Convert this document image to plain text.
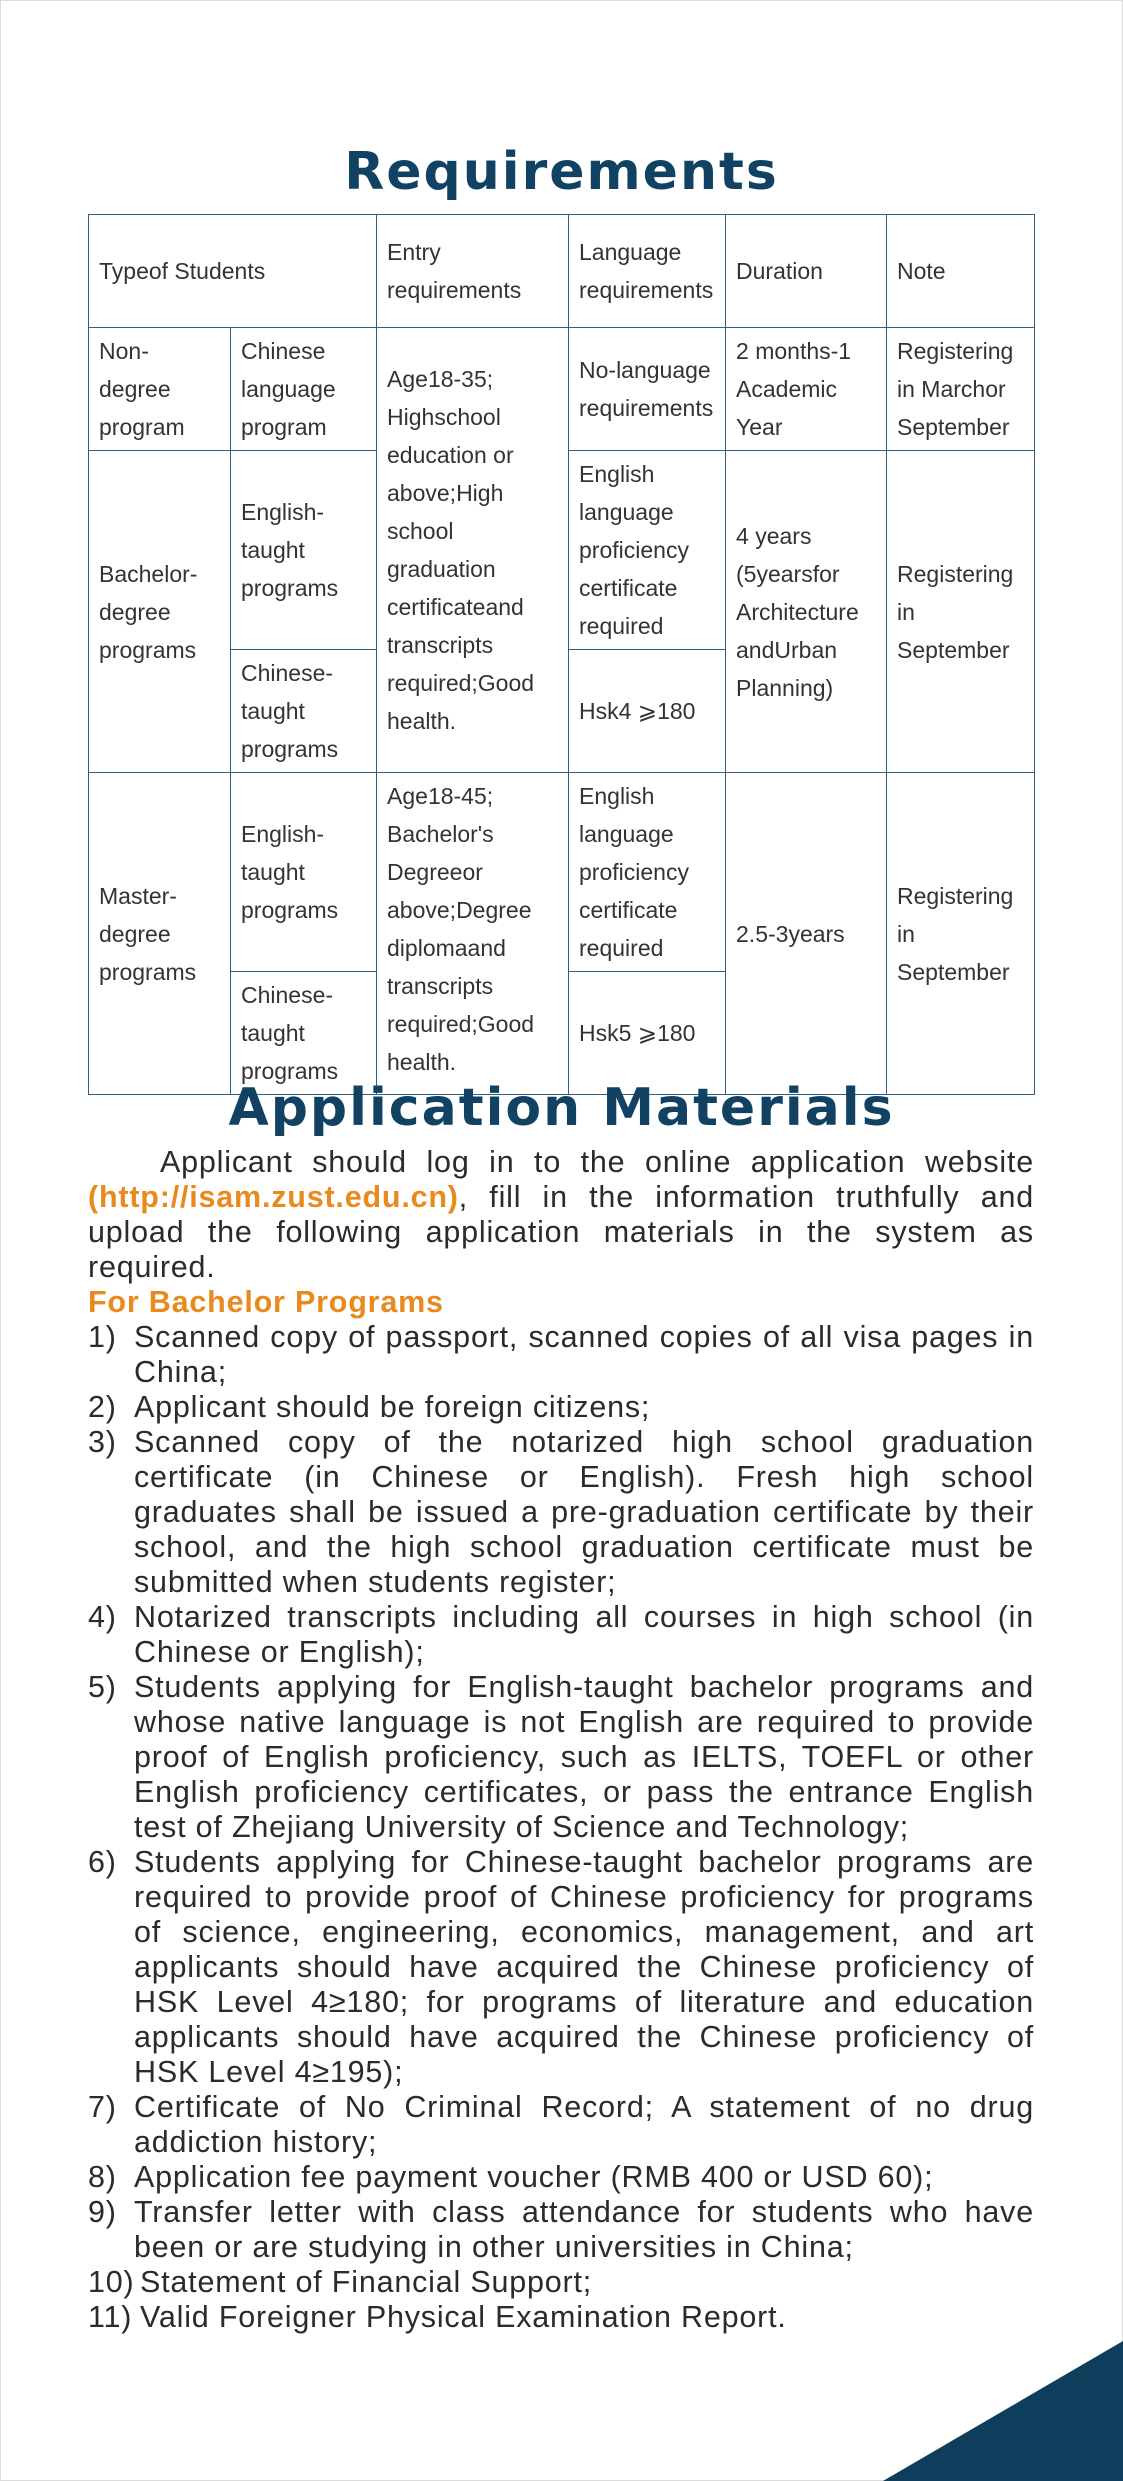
Requirements
Typeof Students		Entry requirements	Language requirements	Duration	Note
Non-degree program	Chinese language program	Age18-35; Highschool education or above;High school graduation certificateand transcripts required;Good health.	No-language requirements	2 months-1 Academic Year	Registering in Marchor September
Bachelor-degree programs	English-taught programs		English language proficiency certificate required	4 years (5yearsfor Architecture andUrban Planning)	Registering in September
	Chinese-taught programs		Hsk4 ⩾180		
Master-degree programs	English-taught programs	Age18-45; Bachelor's Degreeor above;Degree diplomaand transcripts required;Good health.	English language proficiency certificate required	2.5-3years	Registering in September
	Chinese-taught programs		Hsk5 ⩾180		
Application Materials

Applicant should log in to the online application website (http://isam.zust.edu.cn), fill in the information truthfully and upload the following application materials in the system as required.

For Bachelor Programs

1) Scanned copy of passport, scanned copies of all visa pages in China;
2) Applicant should be foreign citizens;
3) Scanned copy of the notarized high school graduation certificate (in Chinese or English). Fresh high school graduates shall be issued a pre-graduation certificate by their school, and the high school graduation certificate must be submitted when students register;
4) Notarized transcripts including all courses in high school (in Chinese or English);
5) Students applying for English-taught bachelor programs and whose native language is not English are required to provide proof of English proficiency, such as IELTS, TOEFL or other English proficiency certificates, or pass the entrance English test of Zhejiang University of Science and Technology;
6) Students applying for Chinese-taught bachelor programs are required to provide proof of Chinese proficiency for programs of science, engineering, economics, management, and art applicants should have acquired the Chinese proficiency of HSK Level 4≥180; for programs of literature and education applicants should have acquired the Chinese proficiency of HSK Level 4≥195);
7) Certificate of No Criminal Record; A statement of no drug addiction history;
8) Application fee payment voucher (RMB 400 or USD 60);
9) Transfer letter with class attendance for students who have been or are studying in other universities in China;
10) Statement of Financial Support;
11) Valid Foreigner Physical Examination Report.
